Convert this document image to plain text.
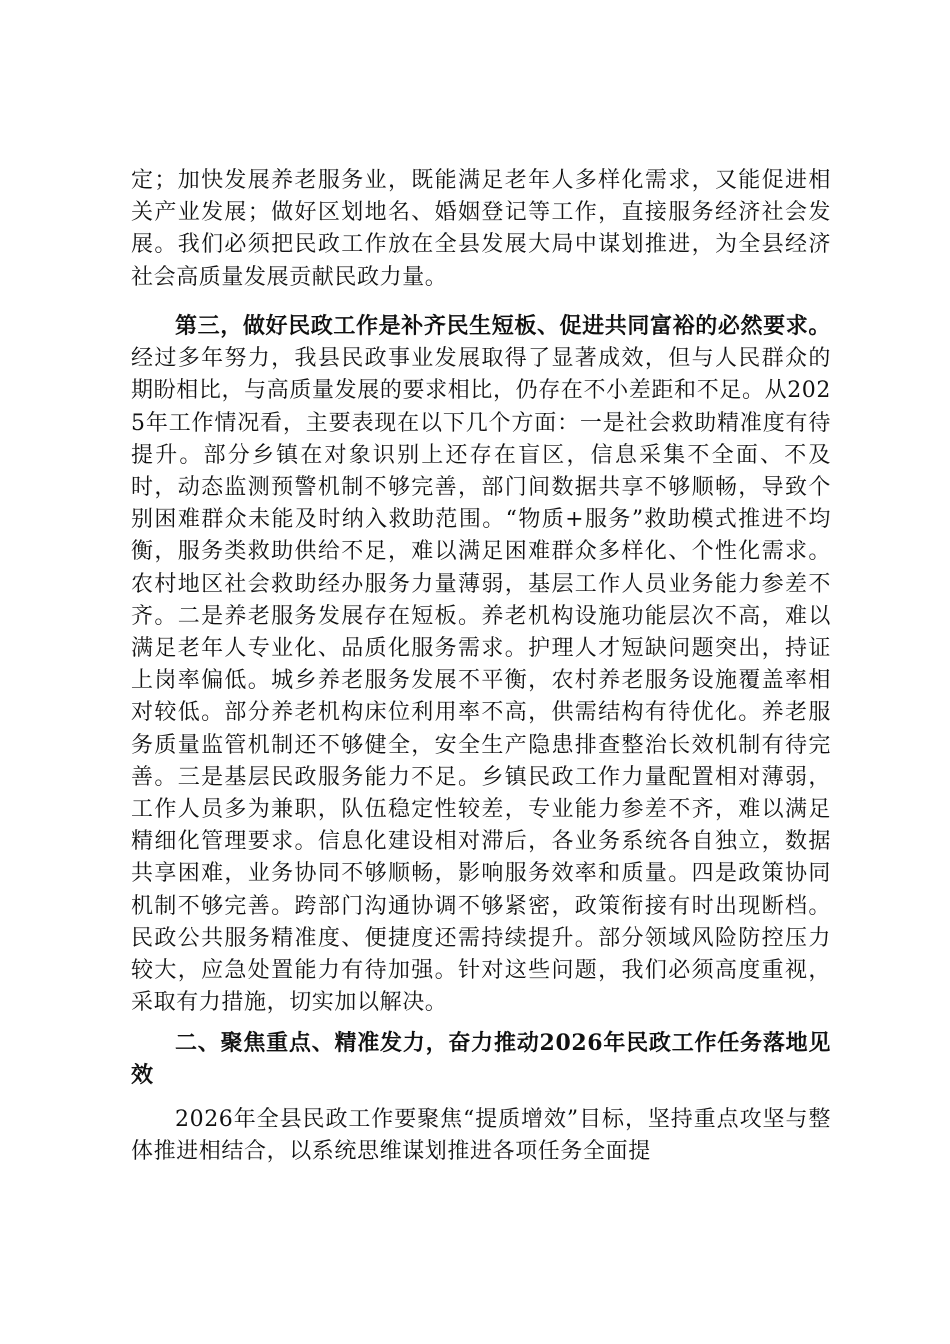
定；加快发展养老服务业，既能满足老年人多样化需求，又能促进相关产业发展；做好区划地名、婚姻登记等工作，直接服务经济社会发展。我们必须把民政工作放在全县发展大局中谋划推进，为全县经济社会高质量发展贡献民政力量。

第三，做好民政工作是补齐民生短板、促进共同富裕的必然要求。经过多年努力，我县民政事业发展取得了显著成效，但与人民群众的期盼相比，与高质量发展的要求相比，仍存在不小差距和不足。从2025年工作情况看，主要表现在以下几个方面：一是社会救助精准度有待提升。部分乡镇在对象识别上还存在盲区，信息采集不全面、不及时，动态监测预警机制不够完善，部门间数据共享不够顺畅，导致个别困难群众未能及时纳入救助范围。“物质+服务”救助模式推进不均衡，服务类救助供给不足，难以满足困难群众多样化、个性化需求。农村地区社会救助经办服务力量薄弱，基层工作人员业务能力参差不齐。二是养老服务发展存在短板。养老机构设施功能层次不高，难以满足老年人专业化、品质化服务需求。护理人才短缺问题突出，持证上岗率偏低。城乡养老服务发展不平衡，农村养老服务设施覆盖率相对较低。部分养老机构床位利用率不高，供需结构有待优化。养老服务质量监管机制还不够健全，安全生产隐患排查整治长效机制有待完善。三是基层民政服务能力不足。乡镇民政工作力量配置相对薄弱，工作人员多为兼职，队伍稳定性较差，专业能力参差不齐，难以满足精细化管理要求。信息化建设相对滞后，各业务系统各自独立，数据共享困难，业务协同不够顺畅，影响服务效率和质量。四是政策协同机制不够完善。跨部门沟通协调不够紧密，政策衔接有时出现断档。民政公共服务精准度、便捷度还需持续提升。部分领域风险防控压力较大，应急处置能力有待加强。针对这些问题，我们必须高度重视，采取有力措施，切实加以解决。

二、聚焦重点、精准发力，奋力推动2026年民政工作任务落地见效

2026年全县民政工作要聚焦“提质增效”目标，坚持重点攻坚与整体推进相结合，以系统思维谋划推进各项任务全面提
